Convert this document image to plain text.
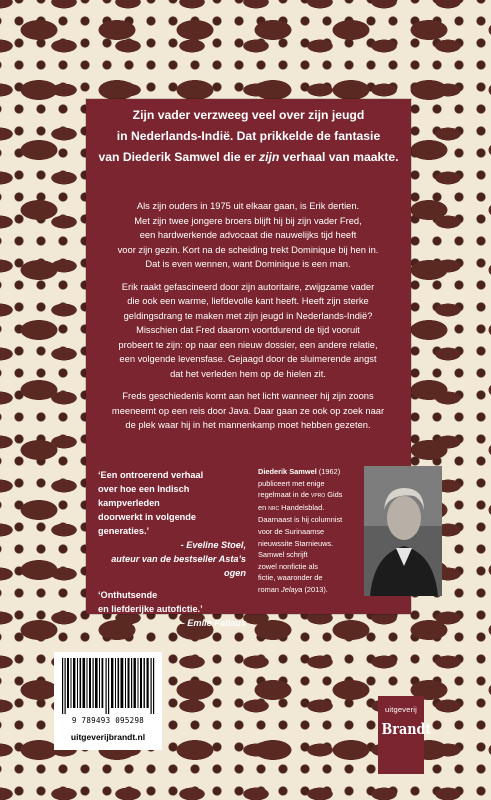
Zijn vader verzweeg veel over zijn jeugd
in Nederlands-Indië. Dat prikkelde de fantasie
van Diederik Samwel die er zijn verhaal van maakte.

Als zijn ouders in 1975 uit elkaar gaan, is Erik dertien.
Met zijn twee jongere broers blijft hij bij zijn vader Fred,
een hardwerkende advocaat die nauwelijks tijd heeft
voor zijn gezin. Kort na de scheiding trekt Dominique bij hen in.
Dat is even wennen, want Dominique is een man.

Erik raakt gefascineerd door zijn autoritaire, zwijgzame vader
die ook een warme, liefdevolle kant heeft. Heeft zijn sterke
geldingsdrang te maken met zijn jeugd in Nederlands-Indië?
Misschien dat Fred daarom voortdurend de tijd vooruit
probeert te zijn: op naar een nieuw dossier, een andere relatie,
een volgende levensfase. Gejaagd door de sluimerende angst
dat het verleden hem op de hielen zit.

Freds geschiedenis komt aan het licht wanneer hij zijn zoons
meeneemt op een reis door Java. Daar gaan ze ook op zoek naar
de plek waar hij in het mannenkamp moet hebben gezeten.

‘Een ontroerend verhaal
over hoe een Indisch kampverleden
doorwerkt in volgende generaties.’
- Eveline Stoel,
auteur van de bestseller Asta’s ogen
‘Onthutsende
en liefderijke autofictie.’
– Emile Fallaux
Diederik Samwel (1962)
publiceert met enige
regelmaat in de vpro Gids
en nrc Handelsblad.
Daarnaast is hij columnist
voor de Surinaamse
nieuwssite Starnieuws.
Samwel schrijft
zowel nonfictie als
fictie, waaronder de
roman Jelaya (2013).
9 789493 095298
uitgeverijbrandt.nl
uitgeverij
Brandt
